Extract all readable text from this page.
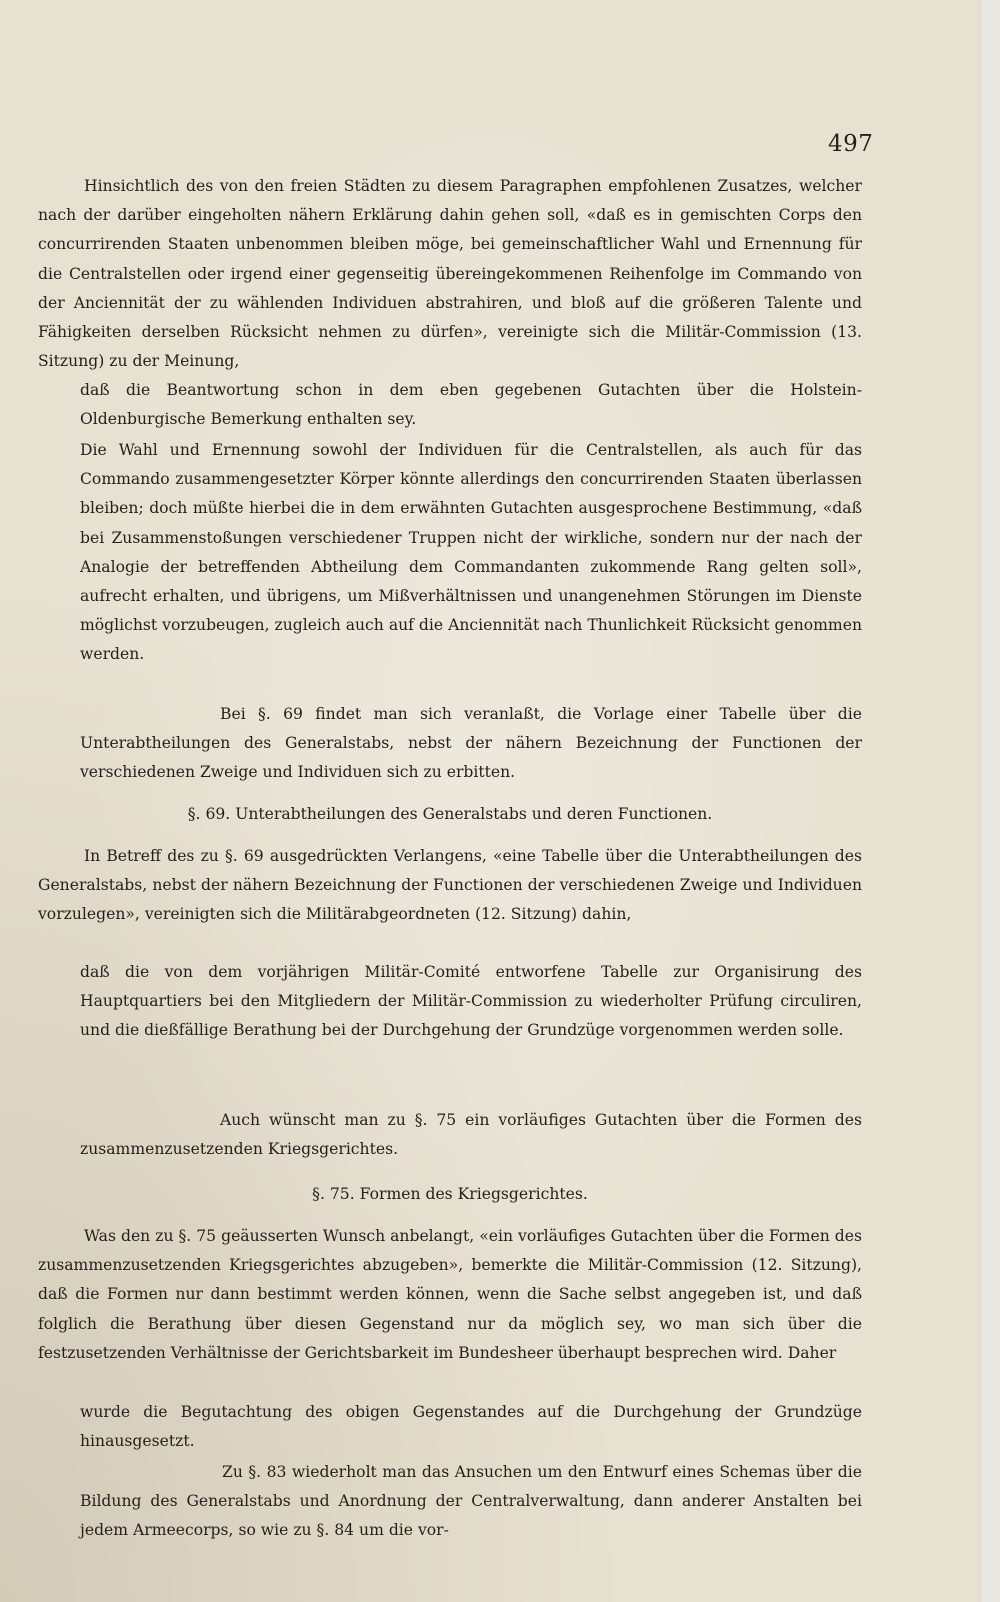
497

Hinsichtlich des von den freien Städten zu diesem Paragraphen empfohlenen Zusatzes, welcher nach der darüber eingeholten nähern Erklärung dahin gehen soll, «daß es in gemischten Corps den concurrirenden Staaten unbenommen bleiben möge, bei gemeinschaftlicher Wahl und Ernennung für die Centralstellen oder irgend einer gegenseitig übereingekommenen Reihenfolge im Commando von der Anciennität der zu wählenden Individuen abstrahiren, und bloß auf die größeren Talente und Fähigkeiten derselben Rücksicht nehmen zu dürfen», vereinigte sich die Militär-Commission (13. Sitzung) zu der Meinung,

daß die Beantwortung schon in dem eben gegebenen Gutachten über die Holstein-Oldenburgische Bemerkung enthalten sey.

Die Wahl und Ernennung sowohl der Individuen für die Centralstellen, als auch für das Commando zusammengesetzter Körper könnte allerdings den concurrirenden Staaten überlassen bleiben; doch müßte hierbei die in dem erwähnten Gutachten ausgesprochene Bestimmung, «daß bei Zusammenstoßungen verschiedener Truppen nicht der wirkliche, sondern nur der nach der Analogie der betreffenden Abtheilung dem Commandanten zukommende Rang gelten soll», aufrecht erhalten, und übrigens, um Mißverhältnissen und unangenehmen Störungen im Dienste möglichst vorzubeugen, zugleich auch auf die Anciennität nach Thunlichkeit Rücksicht genommen werden.

Bei §. 69 findet man sich veranlaßt, die Vorlage einer Tabelle über die Unterabtheilungen des Generalstabs, nebst der nähern Bezeichnung der Functionen der verschiedenen Zweige und Individuen sich zu erbitten.

§. 69. Unterabtheilungen des Generalstabs und deren Functionen.

In Betreff des zu §. 69 ausgedrückten Verlangens, «eine Tabelle über die Unterabtheilungen des Generalstabs, nebst der nähern Bezeichnung der Functionen der verschiedenen Zweige und Individuen vorzulegen», vereinigten sich die Militärabgeordneten (12. Sitzung) dahin,

daß die von dem vorjährigen Militär-Comité entworfene Tabelle zur Organisirung des Hauptquartiers bei den Mitgliedern der Militär-Commission zu wiederholter Prüfung circuliren, und die dießfällige Berathung bei der Durchgehung der Grundzüge vorgenommen werden solle.

Auch wünscht man zu §. 75 ein vorläufiges Gutachten über die Formen des zusammenzusetzenden Kriegsgerichtes.

§. 75. Formen des Kriegsgerichtes.

Was den zu §. 75 geäusserten Wunsch anbelangt, «ein vorläufiges Gutachten über die Formen des zusammenzusetzenden Kriegsgerichtes abzugeben», bemerkte die Militär-Commission (12. Sitzung), daß die Formen nur dann bestimmt werden können, wenn die Sache selbst angegeben ist, und daß folglich die Berathung über diesen Gegenstand nur da möglich sey, wo man sich über die festzusetzenden Verhältnisse der Gerichtsbarkeit im Bundesheer überhaupt besprechen wird. Daher

wurde die Begutachtung des obigen Gegenstandes auf die Durchgehung der Grundzüge hinausgesetzt.

Zu §. 83 wiederholt man das Ansuchen um den Entwurf eines Schemas über die Bildung des Generalstabs und Anordnung der Centralverwaltung, dann anderer Anstalten bei jedem Armeecorps, so wie zu §. 84 um die vor-
